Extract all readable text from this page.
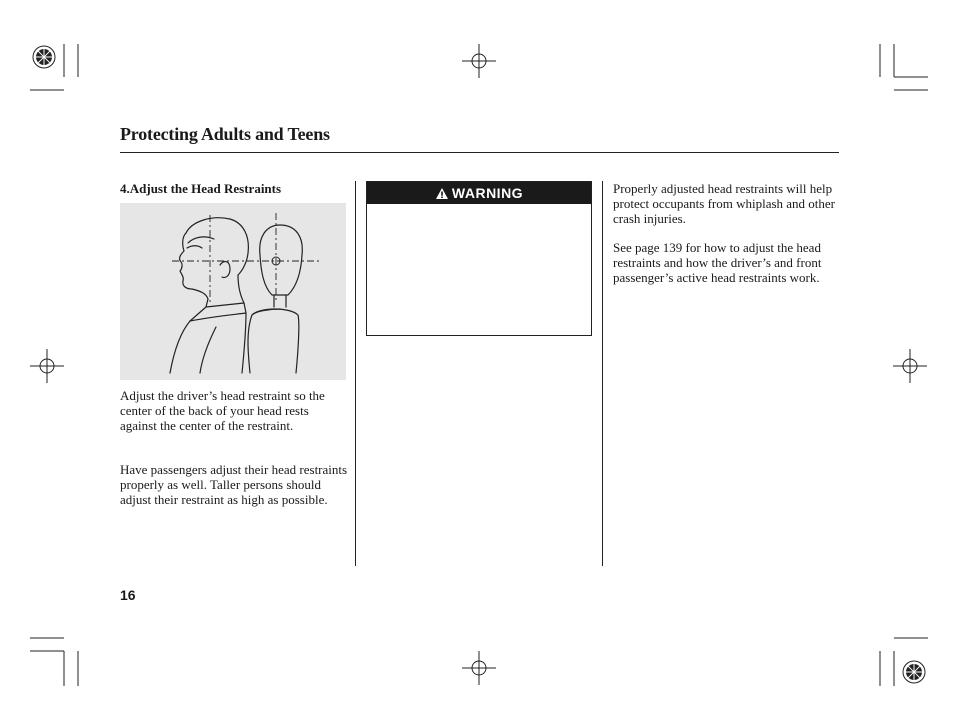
Protecting Adults and Teens
4.Adjust the Head Restraints
Adjust the driver’s head restraint so the center of the back of your head rests against the center of the restraint.
Have passengers adjust their head restraints properly as well. Taller persons should adjust their restraint as high as possible.
WARNING	Properly adjusted head restraints will help protect occupants from whiplash and other crash injuries.
See page 139 for how to adjust the head restraints and how the driver’s and front passenger’s active head restraints work.
16
